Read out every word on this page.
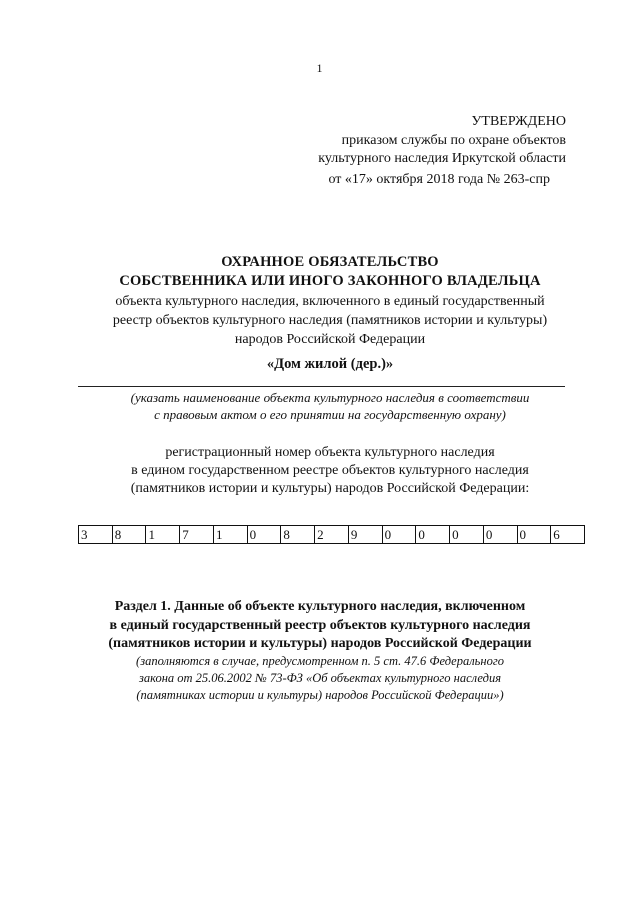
1
УТВЕРЖДЕНО
приказом службы по охране объектов
культурного наследия Иркутской области
от «17» октября 2018 года № 263-спр
ОХРАННОЕ ОБЯЗАТЕЛЬСТВО
СОБСТВЕННИКА ИЛИ ИНОГО ЗАКОННОГО ВЛАДЕЛЬЦА
объекта культурного наследия, включенного в единый государственный
реестр объектов культурного наследия (памятников истории и культуры)
народов Российской Федерации
«Дом жилой (дер.)»
(указать наименование объекта культурного наследия в соответствии
с правовым актом о его принятии на государственную охрану)
регистрационный номер объекта культурного наследия
в едином государственном реестре объектов культурного наследия
(памятников истории и культуры) народов Российской Федерации:
3	8	1	7	1	0	8	2	9	0	0	0	0	0	6
Раздел 1. Данные об объекте культурного наследия, включенном
в единый государственный реестр объектов культурного наследия
(памятников истории и культуры) народов Российской Федерации
(заполняются в случае, предусмотренном п. 5 ст. 47.6 Федерального
закона от 25.06.2002 № 73-ФЗ «Об объектах культурного наследия
(памятниках истории и культуры) народов Российской Федерации»)
